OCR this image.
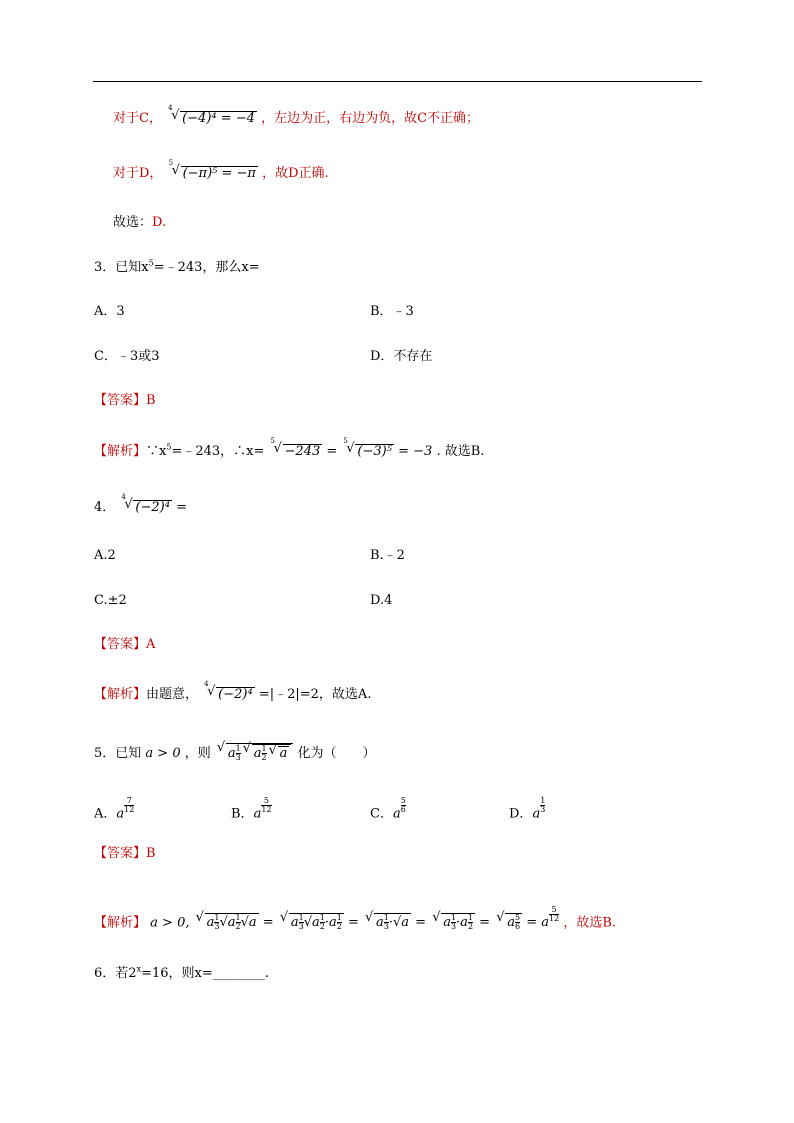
对于C，
4
√ (−4)⁴ = −4 ，左边为正，右边为负，故C不正确；
对于D，
5
√ (−π)⁵ = −π ，故D正确.
故选：D.
3．已知$x^5=﹣243$，那么x=
A．3	B．﹣3
C．﹣3或3	D．不存在
【答案】B
【解析】$\because x^5=﹣243$，∴x=
5
√ −243 =
5
√ (−3)⁵ = −3 . 故选B.
4．
4
√ (−2)⁴ =
A.2	B.﹣2
C.±2	D.4
【答案】A
【解析】由题意，
4
√ (−2)⁴ =|﹣2|=2，故选A.
5．已知 a > 0 ，则 √ a $\frac{1}{3}$ √ a $\frac{1}{2}$ √ a 化为（　　）
A．a $\frac{7}{12}$	B．a $\frac{5}{12}$	C．a $\frac{5}{6}$	D．a $\frac{1}{3}$
【答案】B
【解析】 a > 0, √ a $\frac{1}{3} √a \frac{1}{2} √a$ = √ a $\frac{1}{3} √a \frac{1}{2} \cdot a \frac{1}{2}$ = √ a $\frac{1}{3} \cdot√a$ = √ a $\frac{1}{3} \cdot a \frac{1}{2}$ = √ a $\frac{5}{6} = a \frac{5}{12}$ ，故选B.
6．若$2^x=16$，则x=________.
